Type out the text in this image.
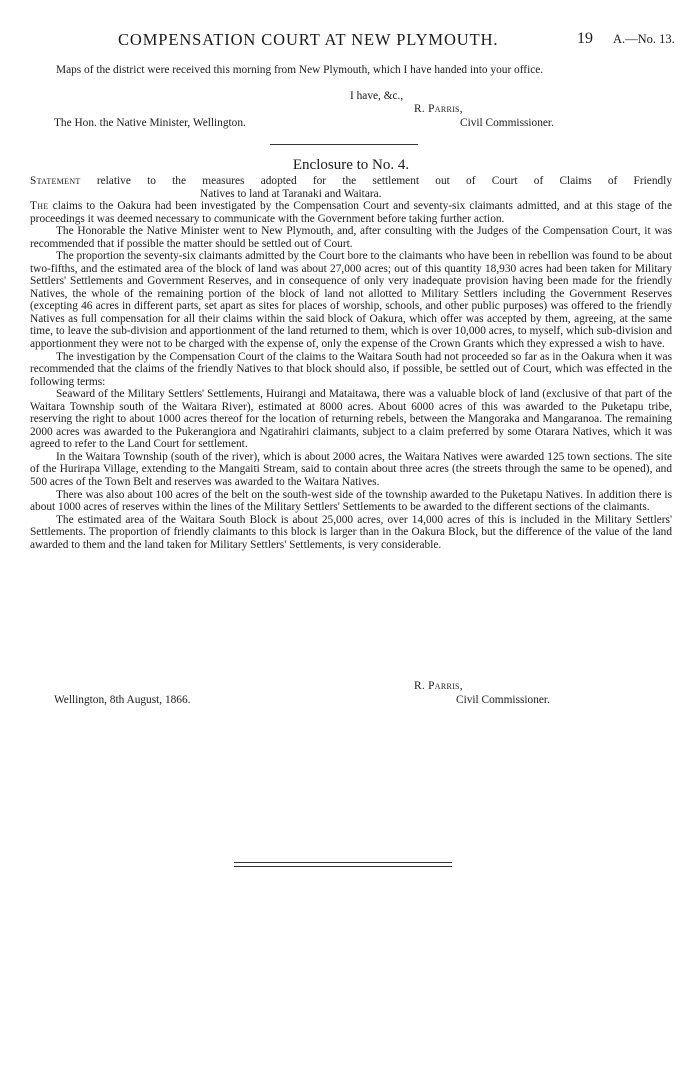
COMPENSATION COURT AT NEW PLYMOUTH.	19 A.—No. 13.

Maps of the district were received this morning from New Plymouth, which I have handed into your office.

I have, &c.,
R. Parris,
The Hon. the Native Minister, Wellington.	Civil Commissioner.
Enclosure to No. 4.
Statement relative to the measures adopted for the settlement out of Court of Claims of Friendly
Natives to land at Taranaki and Waitara.

The claims to the Oakura had been investigated by the Compensation Court and seventy-six claimants admitted, and at this stage of the proceedings it was deemed necessary to communicate with the Government before taking further action.

The Honorable the Native Minister went to New Plymouth, and, after consulting with the Judges of the Compensation Court, it was recommended that if possible the matter should be settled out of Court.

The proportion the seventy-six claimants admitted by the Court bore to the claimants who have been in rebellion was found to be about two-fifths, and the estimated area of the block of land was about 27,000 acres; out of this quantity 18,930 acres had been taken for Military Settlers' Settlements and Government Reserves, and in consequence of only very inadequate provision having been made for the friendly Natives, the whole of the remaining portion of the block of land not allotted to Military Settlers including the Government Reserves (excepting 46 acres in different parts, set apart as sites for places of worship, schools, and other public purposes) was offered to the friendly Natives as full compensation for all their claims within the said block of Oakura, which offer was accepted by them, agreeing, at the same time, to leave the sub-division and apportionment of the land returned to them, which is over 10,000 acres, to myself, which sub-division and apportionment they were not to be charged with the expense of, only the expense of the Crown Grants which they expressed a wish to have.

The investigation by the Compensation Court of the claims to the Waitara South had not proceeded so far as in the Oakura when it was recommended that the claims of the friendly Natives to that block should also, if possible, be settled out of Court, which was effected in the following terms:

Seaward of the Military Settlers' Settlements, Huirangi and Mataitawa, there was a valuable block of land (exclusive of that part of the Waitara Township south of the Waitara River), estimated at 8000 acres. About 6000 acres of this was awarded to the Puketapu tribe, reserving the right to about 1000 acres thereof for the location of returning rebels, between the Mangoraka and Mangaranoa. The remaining 2000 acres was awarded to the Pukerangiora and Ngatirahiri claimants, subject to a claim preferred by some Otarara Natives, which it was agreed to refer to the Land Court for settlement.

In the Waitara Township (south of the river), which is about 2000 acres, the Waitara Natives were awarded 125 town sections. The site of the Hurirapa Village, extending to the Mangaiti Stream, said to contain about three acres (the streets through the same to be opened), and 500 acres of the Town Belt and reserves was awarded to the Waitara Natives.

There was also about 100 acres of the belt on the south-west side of the township awarded to the Puketapu Natives. In addition there is about 1000 acres of reserves within the lines of the Military Settlers' Settlements to be awarded to the different sections of the claimants.

The estimated area of the Waitara South Block is about 25,000 acres, over 14,000 acres of this is included in the Military Settlers' Settlements. The proportion of friendly claimants to this block is larger than in the Oakura Block, but the difference of the value of the land awarded to them and the land taken for Military Settlers' Settlements, is very considerable.

R. Parris,
Wellington, 8th August, 1866.	Civil Commissioner.
